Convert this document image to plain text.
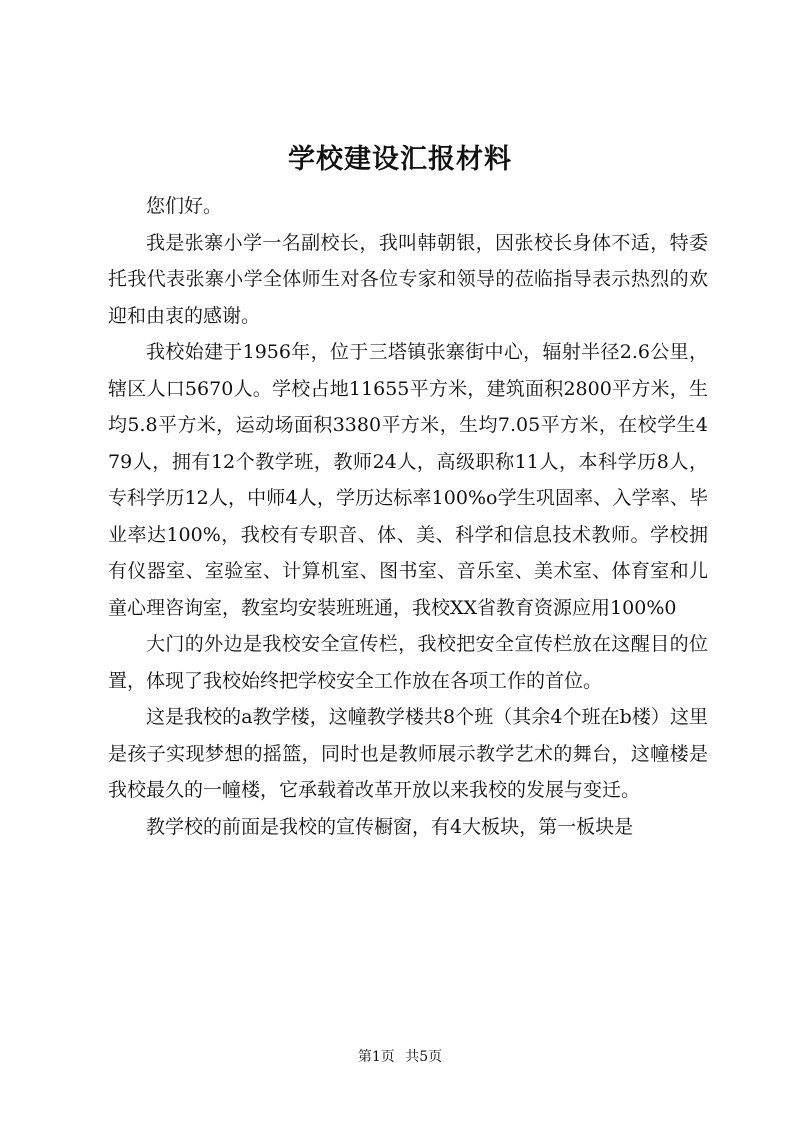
学校建设汇报材料

您们好。

我是张寨小学一名副校长，我叫韩朝银，因张校长身体不适，特委托我代表张寨小学全体师生对各位专家和领导的莅临指导表示热烈的欢迎和由衷的感谢。

我校始建于1956年，位于三塔镇张寨街中心，辐射半径2.6公里，辖区人口5670人。学校占地11655平方米，建筑面积2800平方米，生均5.8平方米，运动场面积3380平方米，生均7.05平方米，在校学生479人，拥有12个教学班，教师24人，高级职称11人，本科学历8人，专科学历12人，中师4人，学历达标率100%o学生巩固率、入学率、毕业率达100%，我校有专职音、体、美、科学和信息技术教师。学校拥有仪器室、室验室、计算机室、图书室、音乐室、美术室、体育室和儿童心理咨询室，教室均安装班班通，我校XX省教育资源应用100%0

大门的外边是我校安全宣传栏，我校把安全宣传栏放在这醒目的位置，体现了我校始终把学校安全工作放在各项工作的首位。

这是我校的a教学楼，这幢教学楼共8个班（其余4个班在b楼）这里是孩子实现梦想的摇篮，同时也是教师展示教学艺术的舞台，这幢楼是我校最久的一幢楼，它承载着改革开放以来我校的发展与变迁。

教学校的前面是我校的宣传橱窗，有4大板块，第一板块是

第1页 共5页
